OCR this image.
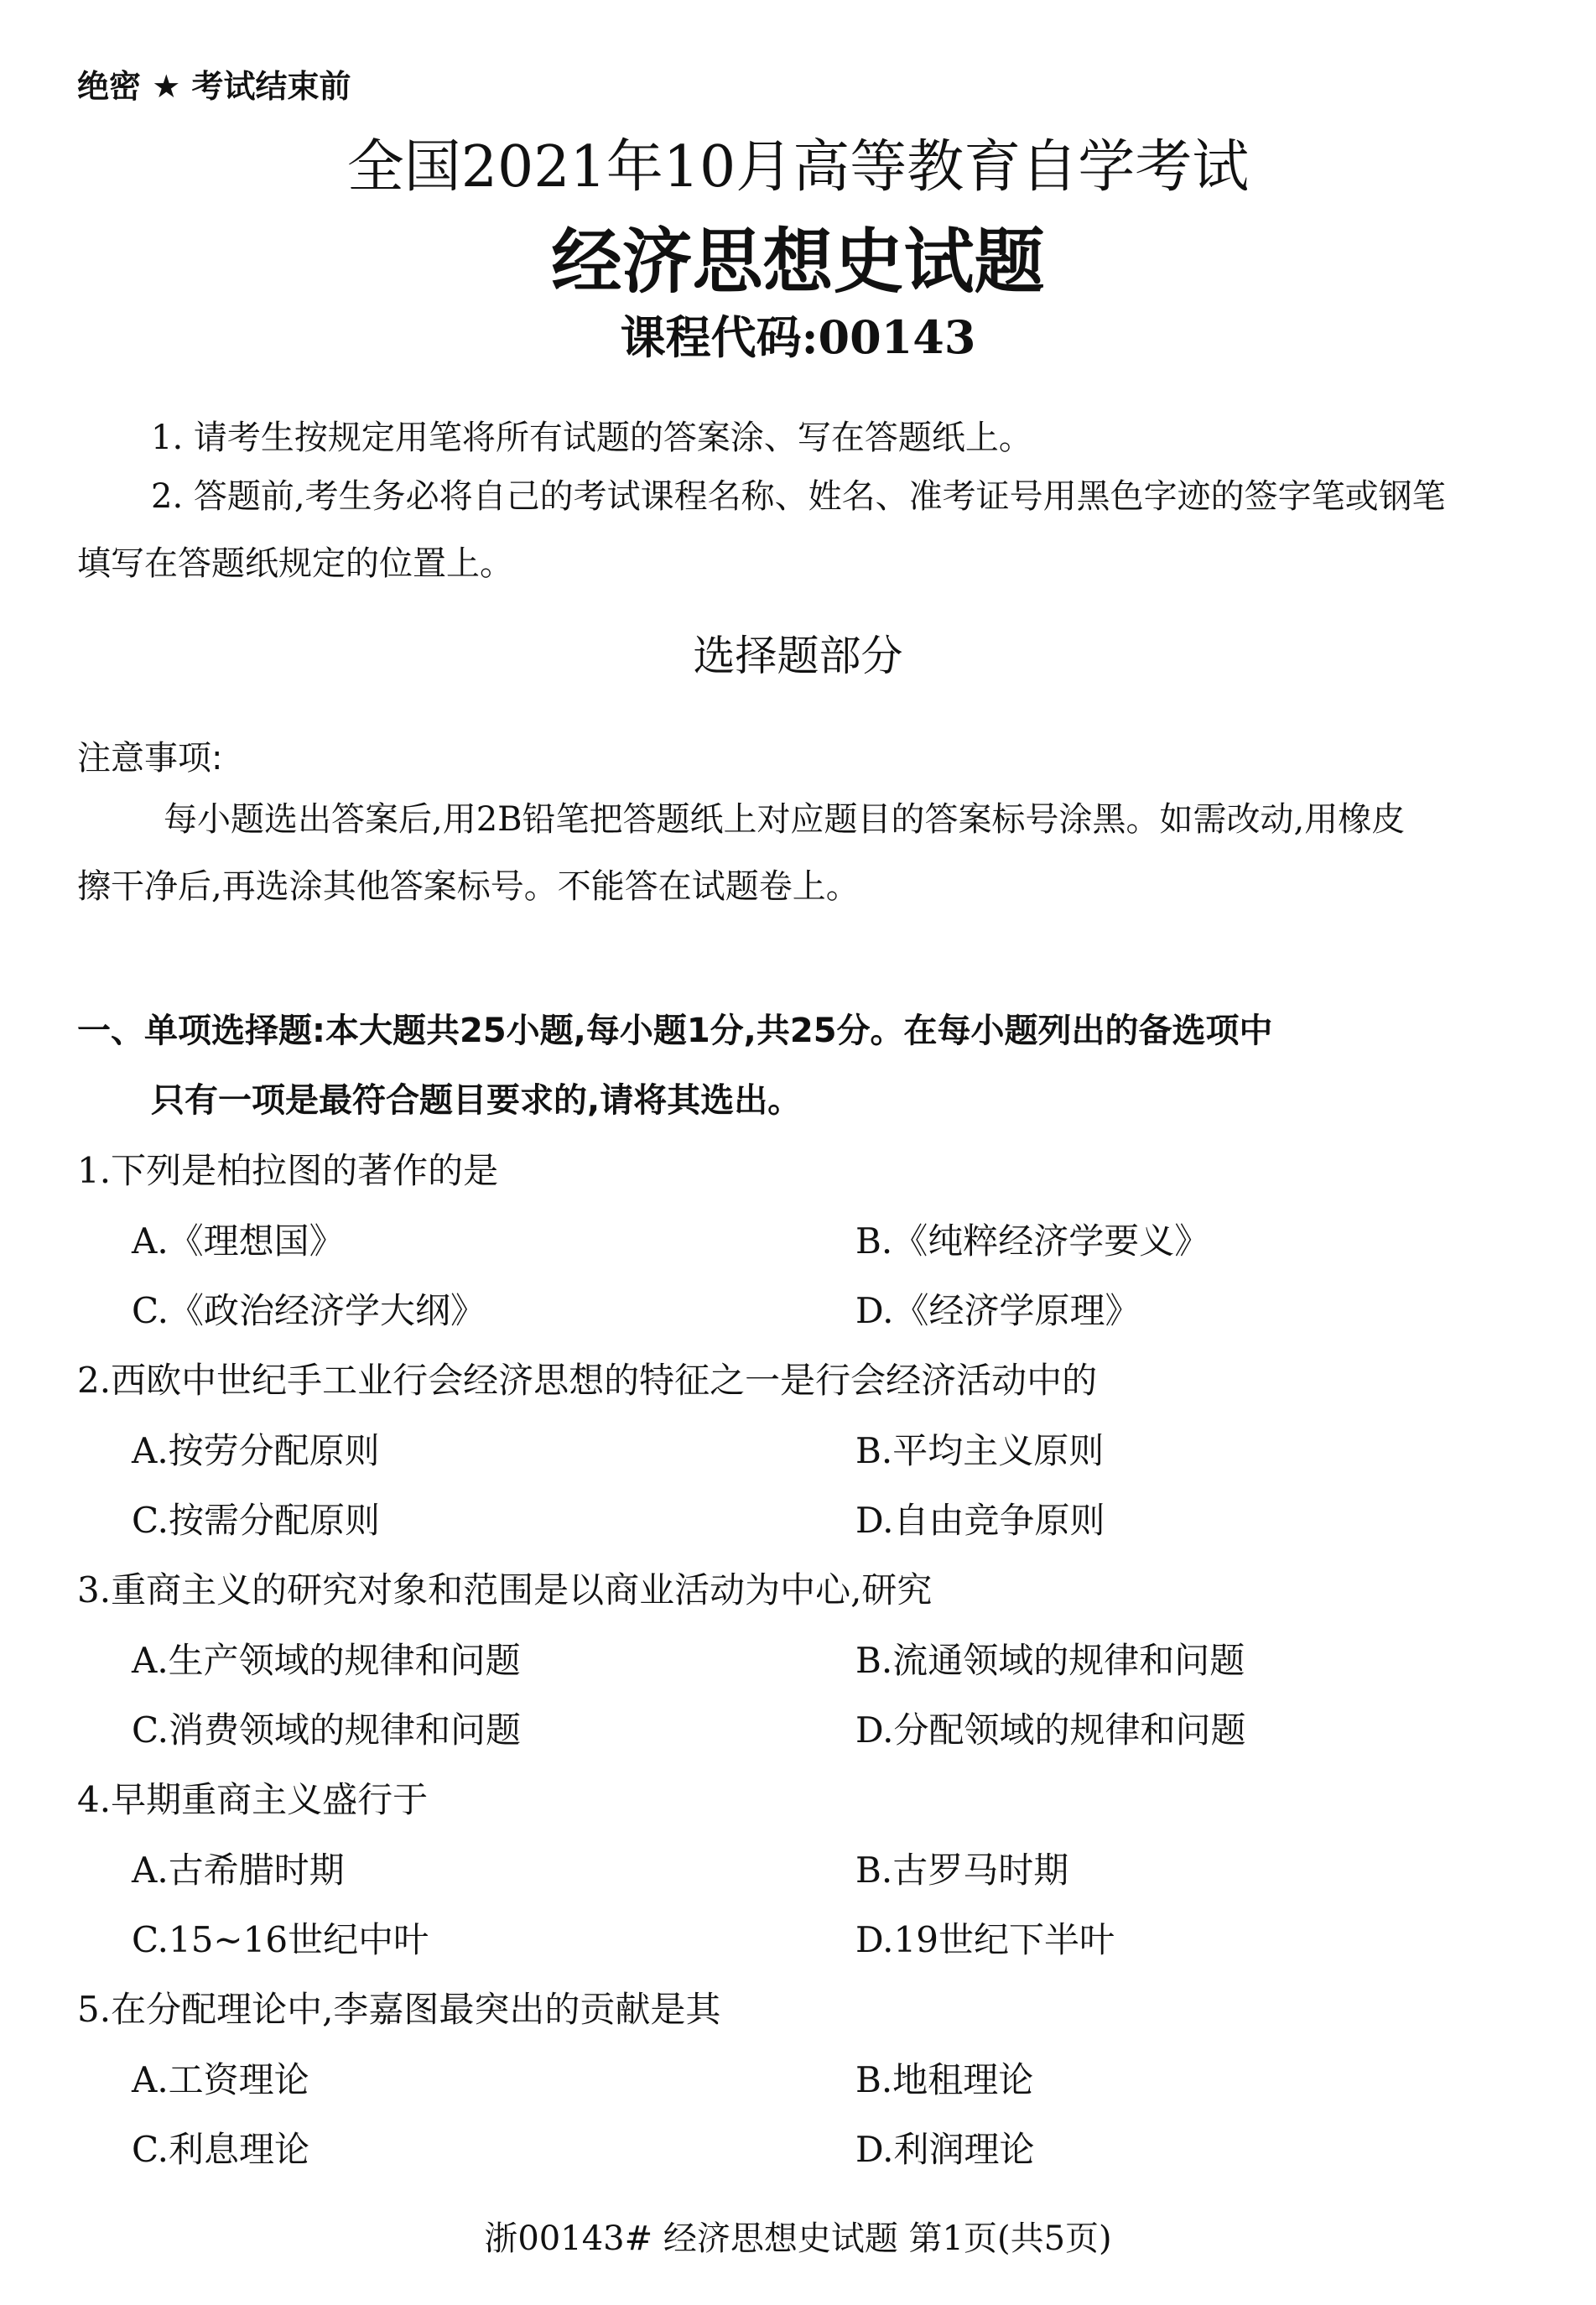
绝密 ★ 考试结束前
全国2021年10月高等教育自学考试
经济思想史试题
课程代码:00143
1. 请考生按规定用笔将所有试题的答案涂、写在答题纸上。
2. 答题前,考生务必将自己的考试课程名称、姓名、准考证号用黑色字迹的签字笔或钢笔
填写在答题纸规定的位置上。
选择题部分
注意事项:
每小题选出答案后,用2B铅笔把答题纸上对应题目的答案标号涂黑。如需改动,用橡皮
擦干净后,再选涂其他答案标号。不能答在试题卷上。
一、单项选择题:本大题共25小题,每小题1分,共25分。在每小题列出的备选项中
只有一项是最符合题目要求的,请将其选出。
1.下列是柏拉图的著作的是
A.《理想国》	B.《纯粹经济学要义》
C.《政治经济学大纲》	D.《经济学原理》
2.西欧中世纪手工业行会经济思想的特征之一是行会经济活动中的
A.按劳分配原则	B.平均主义原则
C.按需分配原则	D.自由竞争原则
3.重商主义的研究对象和范围是以商业活动为中心,研究
A.生产领域的规律和问题	B.流通领域的规律和问题
C.消费领域的规律和问题	D.分配领域的规律和问题
4.早期重商主义盛行于
A.古希腊时期	B.古罗马时期
C.15~16世纪中叶	D.19世纪下半叶
5.在分配理论中,李嘉图最突出的贡献是其
A.工资理论	B.地租理论
C.利息理论	D.利润理论
浙00143# 经济思想史试题 第1页(共5页)
